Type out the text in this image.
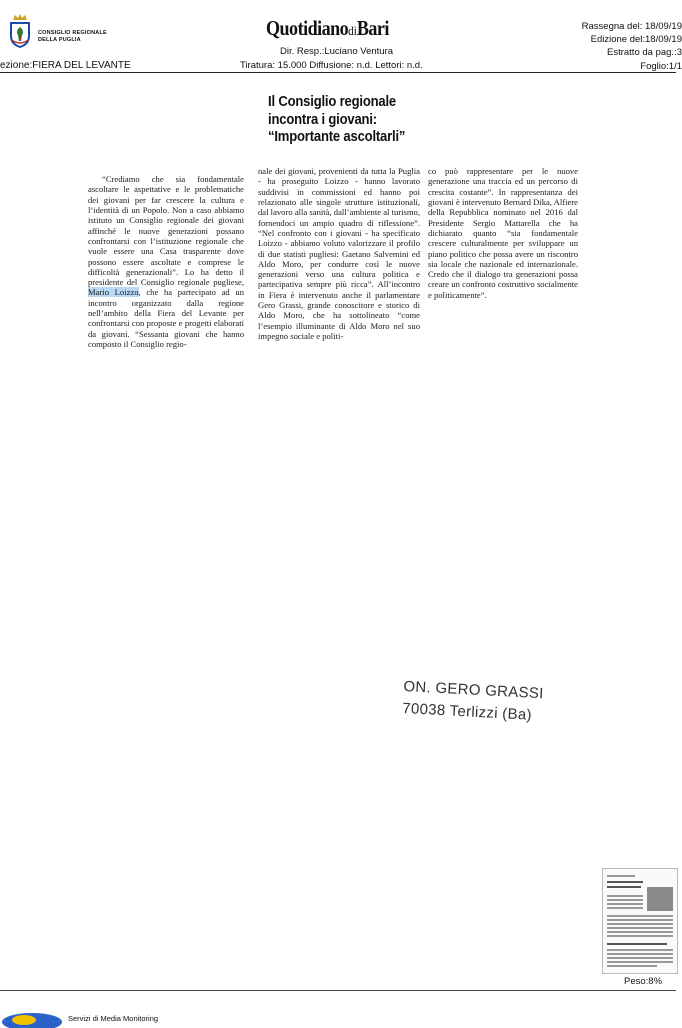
CONSIGLIO REGIONALE
DELLA PUGLIA
ezione:FIERA DEL LEVANTE
QuotidianodiBari
Dir. Resp.:Luciano Ventura
Tiratura: 15.000 Diffusione: n.d. Lettori: n.d.
Rassegna del: 18/09/19
Edizione del:18/09/19
Estratto da pag.:3
Foglio:1/1
Il Consiglio regionale
incontra i giovani:
“Importante ascoltarli”

“Crediamo che sia fondamentale ascoltare le aspettative e le problematiche dei giovani per far crescere la cultura e l’identità di un Popolo. Non a caso abbiamo istituto un Consiglio regionale dei giovani affinché le nuove generazioni possano confrontarsi con l’istituzione regionale che vuole essere una Casa trasparente dove possono essere ascoltate e comprese le difficoltà generazionali”. Lo ha detto il presidente del Consiglio regionale pugliese, Mario Loizzo, che ha partecipato ad un incontro organizzato dalla regione nell’ambito della Fiera del Levante per confrontarsi con proposte e progetti elaborati da giovani. “Sessanta giovani che hanno composto il Consiglio regio-

nale dei giovani, provenienti da tutta la Puglia - ha proseguito Loizzo - hanno lavorato suddivisi in commissioni ed hanno poi relazionato alle singole strutture istituzionali, dal lavoro alla sanità, dall’ambiente al turismo, fornendoci un ampio quadro di riflessione”. “Nel confronto con i giovani - ha specificato Loizzo - abbiamo voluto valorizzare il profilo di due statisti pugliesi: Gaetano Salvemini ed Aldo Moro, per condurre così le nuove generazioni verso una cultura politica e partecipativa sempre più ricca”. All’incontro in Fiera è intervenuto anche il parlamentare Gero Grassi, grande conoscitore e storico di Aldo Moro, che ha sottolineato “come l’esempio illuminante di Aldo Moro nel suo impegno sociale e politi-

co può rappresentare per le nuove generazione una traccia ed un percorso di crescita costante”. In rappresentanza dei giovani è intervenuto Bernard Dika, Alfiere della Repubblica nominato nel 2016 dal Presidente Sergio Mattarella che ha dichiarato quanto “sia fondamentale crescere culturalmente per sviluppare un piano politico che possa avere un riscontro sia locale che nazionale ed internazionale. Credo che il dialogo tra generazioni possa creare un confronto costruttivo socialmente e politicamente”.

ON. GERO GRASSI
70038 Terlizzi (Ba)
Peso:8%
Servizi di Media Monitoring
